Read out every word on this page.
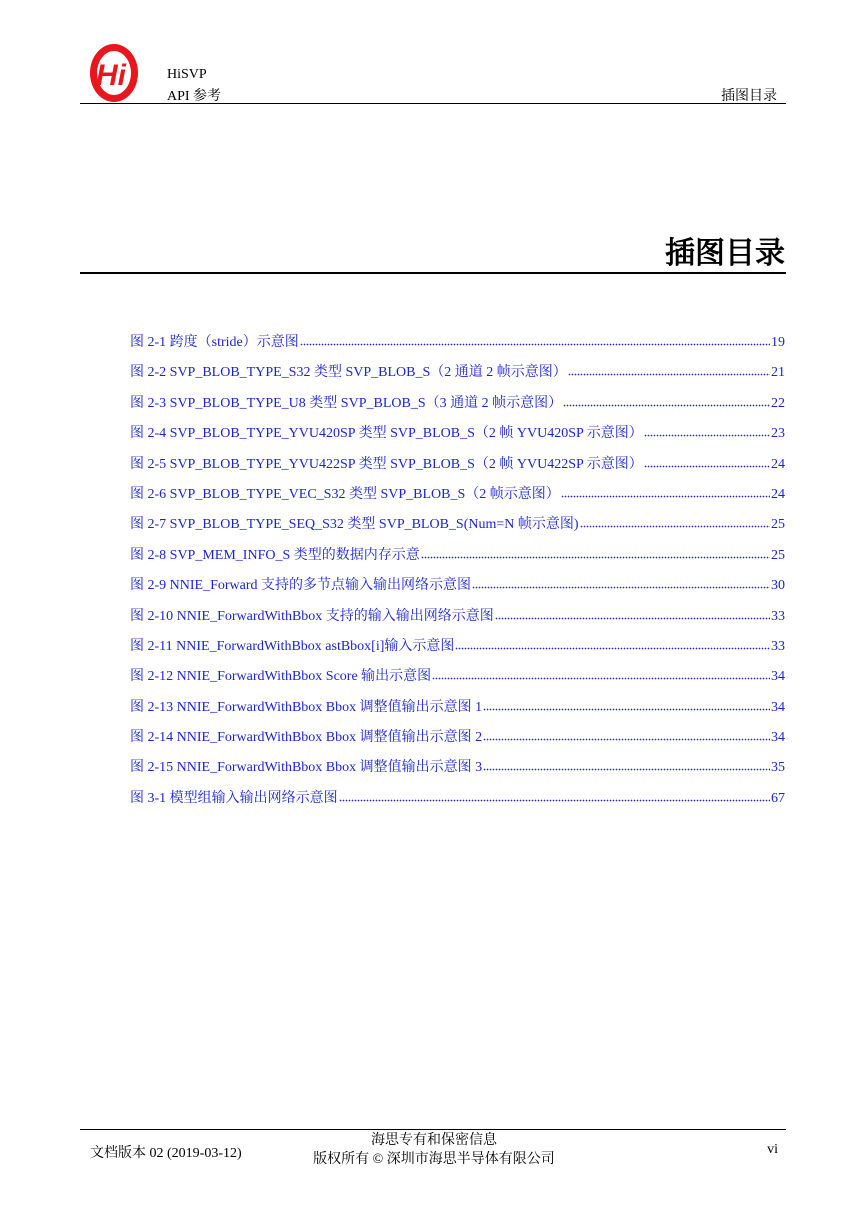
Hi	HiSVP
API 参考	插图目录
插图目录
图 2-1 跨度（stride）示意图	19
图 2-2 SVP_BLOB_TYPE_S32 类型 SVP_BLOB_S（2 通道 2 帧示意图）	21
图 2-3 SVP_BLOB_TYPE_U8 类型 SVP_BLOB_S（3 通道 2 帧示意图）	22
图 2-4 SVP_BLOB_TYPE_YVU420SP 类型 SVP_BLOB_S（2 帧 YVU420SP 示意图）	23
图 2-5 SVP_BLOB_TYPE_YVU422SP 类型 SVP_BLOB_S（2 帧 YVU422SP 示意图）	24
图 2-6 SVP_BLOB_TYPE_VEC_S32 类型 SVP_BLOB_S（2 帧示意图）	24
图 2-7 SVP_BLOB_TYPE_SEQ_S32 类型 SVP_BLOB_S(Num=N 帧示意图)	25
图 2-8 SVP_MEM_INFO_S 类型的数据内存示意	25
图 2-9 NNIE_Forward 支持的多节点输入输出网络示意图	30
图 2-10 NNIE_ForwardWithBbox 支持的输入输出网络示意图	33
图 2-11 NNIE_ForwardWithBbox astBbox[i]输入示意图	33
图 2-12 NNIE_ForwardWithBbox Score 输出示意图	34
图 2-13 NNIE_ForwardWithBbox Bbox 调整值输出示意图 1	34
图 2-14 NNIE_ForwardWithBbox Bbox 调整值输出示意图 2	34
图 2-15 NNIE_ForwardWithBbox Bbox 调整值输出示意图 3	35
图 3-1 模型组输入输出网络示意图	67
文档版本 02 (2019-03-12)
海思专有和保密信息
版权所有 © 深圳市海思半导体有限公司
vi
